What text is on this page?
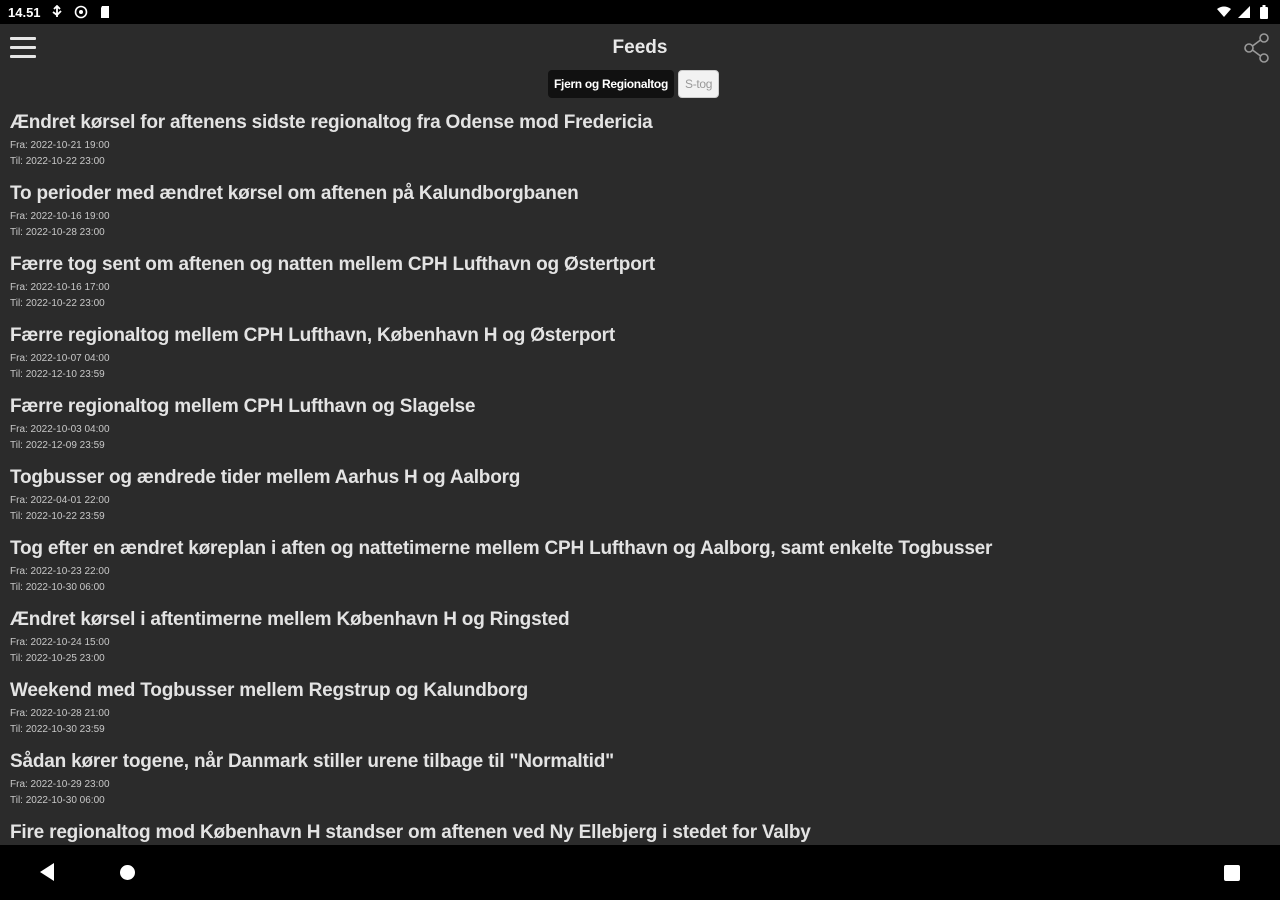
14.51
Feeds
Fjern og Regionaltog	S-tog
Ændret kørsel for aftenens sidste regionaltog fra Odense mod Fredericia
Fra: 2022-10-21 19:00
Til: 2022-10-22 23:00
To perioder med ændret kørsel om aftenen på Kalundborgbanen
Fra: 2022-10-16 19:00
Til: 2022-10-28 23:00
Færre tog sent om aftenen og natten mellem CPH Lufthavn og Østertport
Fra: 2022-10-16 17:00
Til: 2022-10-22 23:00
Færre regionaltog mellem CPH Lufthavn, København H og Østerport
Fra: 2022-10-07 04:00
Til: 2022-12-10 23:59
Færre regionaltog mellem CPH Lufthavn og Slagelse
Fra: 2022-10-03 04:00
Til: 2022-12-09 23:59
Togbusser og ændrede tider mellem Aarhus H og Aalborg
Fra: 2022-04-01 22:00
Til: 2022-10-22 23:59
Tog efter en ændret køreplan i aften og nattetimerne mellem CPH Lufthavn og Aalborg, samt enkelte Togbusser
Fra: 2022-10-23 22:00
Til: 2022-10-30 06:00
Ændret kørsel i aftentimerne mellem København H og Ringsted
Fra: 2022-10-24 15:00
Til: 2022-10-25 23:00
Weekend med Togbusser mellem Regstrup og Kalundborg
Fra: 2022-10-28 21:00
Til: 2022-10-30 23:59
Sådan kører togene, når Danmark stiller urene tilbage til "Normaltid"
Fra: 2022-10-29 23:00
Til: 2022-10-30 06:00
Fire regionaltog mod København H standser om aftenen ved Ny Ellebjerg i stedet for Valby
